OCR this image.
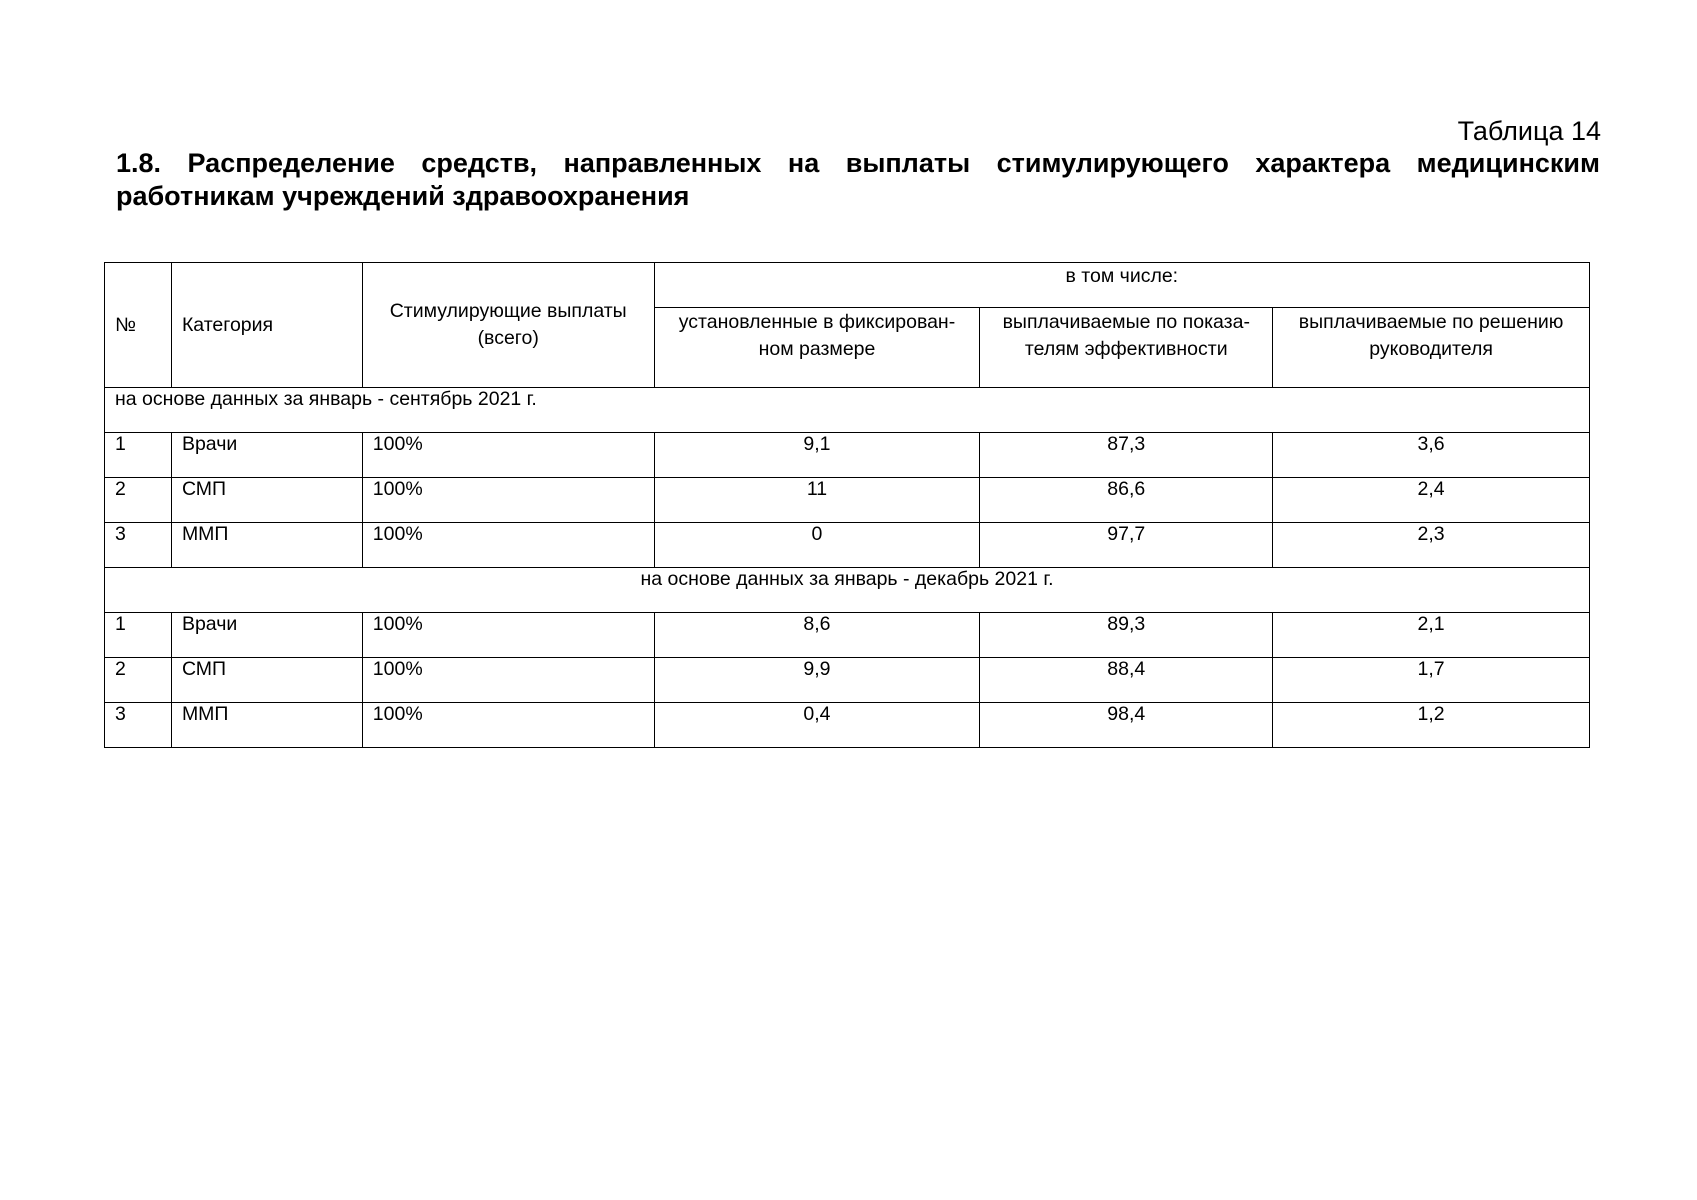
Таблица 14
1.8. Распределение средств, направленных на выплаты стимулирующего характера медицинским работникам учреждений здравоохранения
№	Категория	Стимулирующие выплаты (всего)	в том числе:		
			установленные в фиксирован-ном размере	выплачиваемые по показа-телям эффективности	выплачиваемые по решению руководителя
на основе данных за январь - сентябрь 2021 г.					
1	Врачи	100%	9,1	87,3	3,6
2	СМП	100%	11	86,6	2,4
3	ММП	100%	0	97,7	2,3
на основе данных за январь - декабрь 2021 г.					
1	Врачи	100%	8,6	89,3	2,1
2	СМП	100%	9,9	88,4	1,7
3	ММП	100%	0,4	98,4	1,2
